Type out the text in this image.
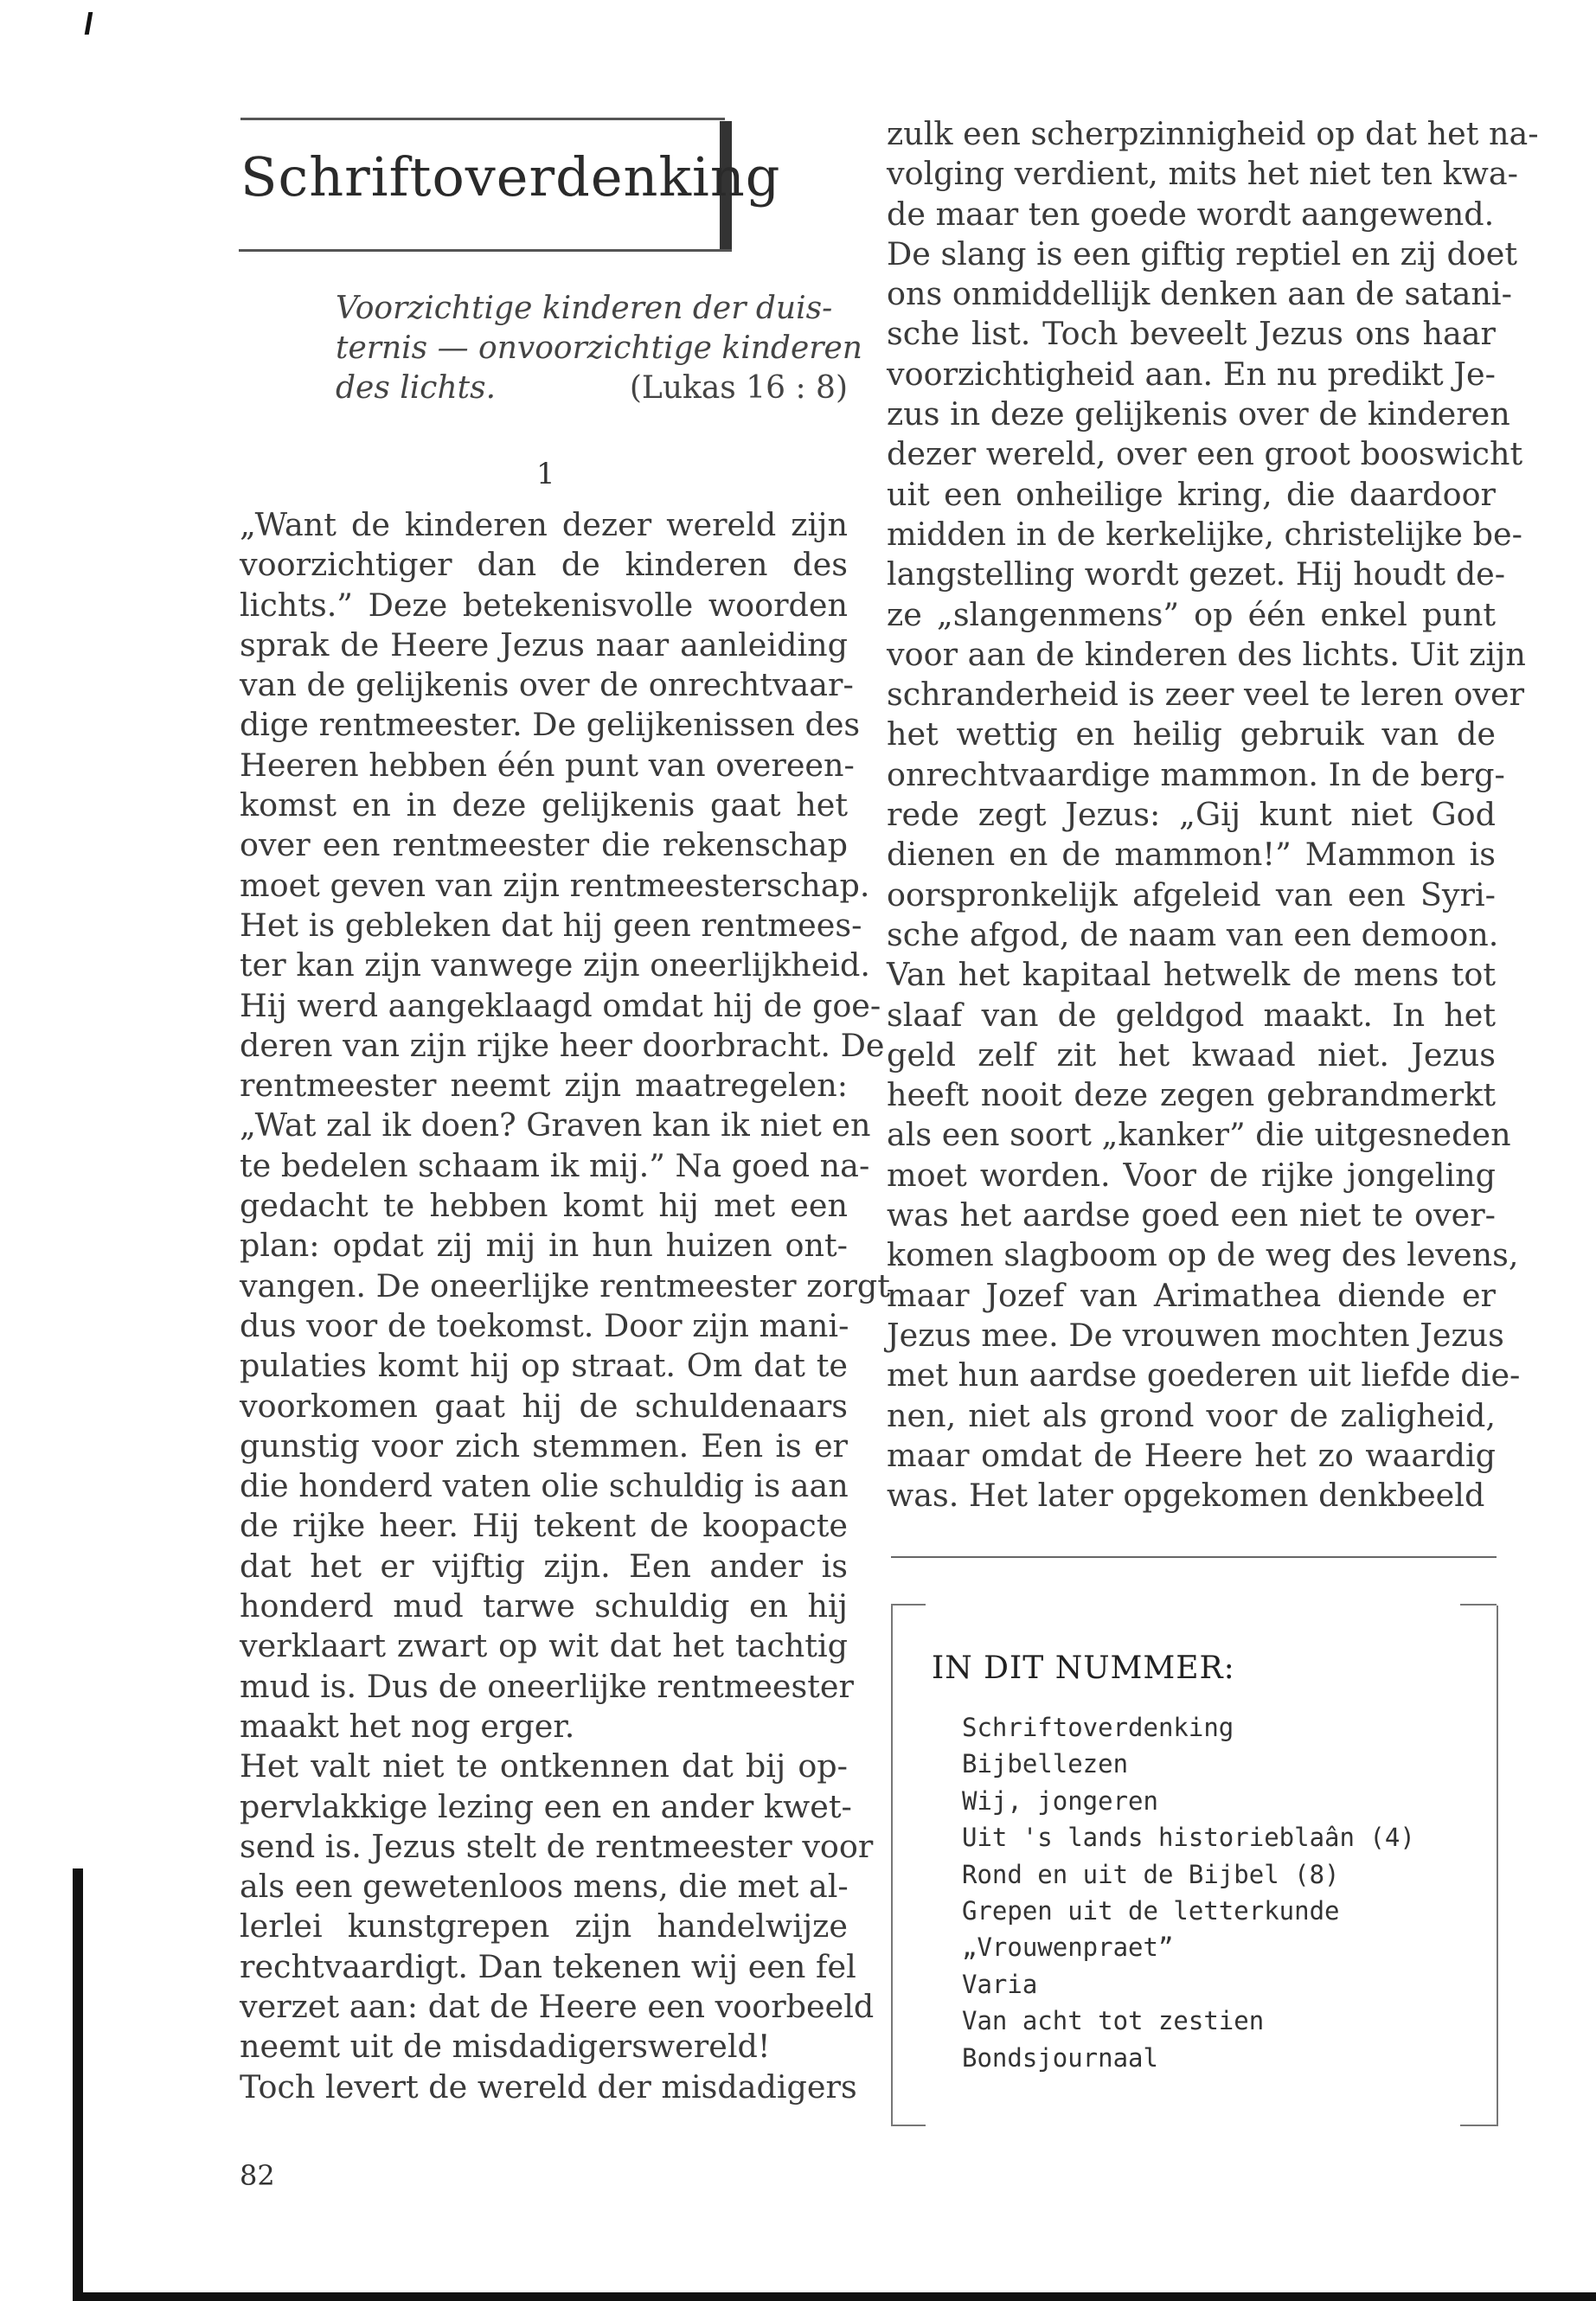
Schriftoverdenking
Voorzichtige kinderen der duis-
ternis — onvoorzichtige kinderen
des lichts.	(Lukas 16 : 8)
1
„Want de kinderen dezer wereld zijn
voorzichtiger dan de kinderen des
lichts.” Deze betekenisvolle woorden
sprak de Heere Jezus naar aanleiding
van de gelijkenis over de onrechtvaar-
dige rentmeester. De gelijkenissen des
Heeren hebben één punt van overeen-
komst en in deze gelijkenis gaat het
over een rentmeester die rekenschap
moet geven van zijn rentmeesterschap.
Het is gebleken dat hij geen rentmees-
ter kan zijn vanwege zijn oneerlijkheid.
Hij werd aangeklaagd omdat hij de goe-
deren van zijn rijke heer doorbracht. De
rentmeester neemt zijn maatregelen:
„Wat zal ik doen? Graven kan ik niet en
te bedelen schaam ik mij.” Na goed na-
gedacht te hebben komt hij met een
plan: opdat zij mij in hun huizen ont-
vangen. De oneerlijke rentmeester zorgt
dus voor de toekomst. Door zijn mani-
pulaties komt hij op straat. Om dat te
voorkomen gaat hij de schuldenaars
gunstig voor zich stemmen. Een is er
die honderd vaten olie schuldig is aan
de rijke heer. Hij tekent de koopacte
dat het er vijftig zijn. Een ander is
honderd mud tarwe schuldig en hij
verklaart zwart op wit dat het tachtig
mud is. Dus de oneerlijke rentmeester
maakt het nog erger.
Het valt niet te ontkennen dat bij op-
pervlakkige lezing een en ander kwet-
send is. Jezus stelt de rentmeester voor
als een gewetenloos mens, die met al-
lerlei kunstgrepen zijn handelwijze
rechtvaardigt. Dan tekenen wij een fel
verzet aan: dat de Heere een voorbeeld
neemt uit de misdadigerswereld!
Toch levert de wereld der misdadigers
zulk een scherpzinnigheid op dat het na-
volging verdient, mits het niet ten kwa-
de maar ten goede wordt aangewend.
De slang is een giftig reptiel en zij doet
ons onmiddellijk denken aan de satani-
sche list. Toch beveelt Jezus ons haar
voorzichtigheid aan. En nu predikt Je-
zus in deze gelijkenis over de kinderen
dezer wereld, over een groot booswicht
uit een onheilige kring, die daardoor
midden in de kerkelijke, christelijke be-
langstelling wordt gezet. Hij houdt de-
ze „slangenmens” op één enkel punt
voor aan de kinderen des lichts. Uit zijn
schranderheid is zeer veel te leren over
het wettig en heilig gebruik van de
onrechtvaardige mammon. In de berg-
rede zegt Jezus: „Gij kunt niet God
dienen en de mammon!” Mammon is
oorspronkelijk afgeleid van een Syri-
sche afgod, de naam van een demoon.
Van het kapitaal hetwelk de mens tot
slaaf van de geldgod maakt. In het
geld zelf zit het kwaad niet. Jezus
heeft nooit deze zegen gebrandmerkt
als een soort „kanker” die uitgesneden
moet worden. Voor de rijke jongeling
was het aardse goed een niet te over-
komen slagboom op de weg des levens,
maar Jozef van Arimathea diende er
Jezus mee. De vrouwen mochten Jezus
met hun aardse goederen uit liefde die-
nen, niet als grond voor de zaligheid,
maar omdat de Heere het zo waardig
was. Het later opgekomen denkbeeld
IN DIT NUMMER:
Schriftoverdenking
Bijbellezen
Wij, jongeren
Uit 's lands historieblaân (4)
Rond en uit de Bijbel (8)
Grepen uit de letterkunde
„Vrouwenpraet”
Varia
Van acht tot zestien
Bondsjournaal
82
